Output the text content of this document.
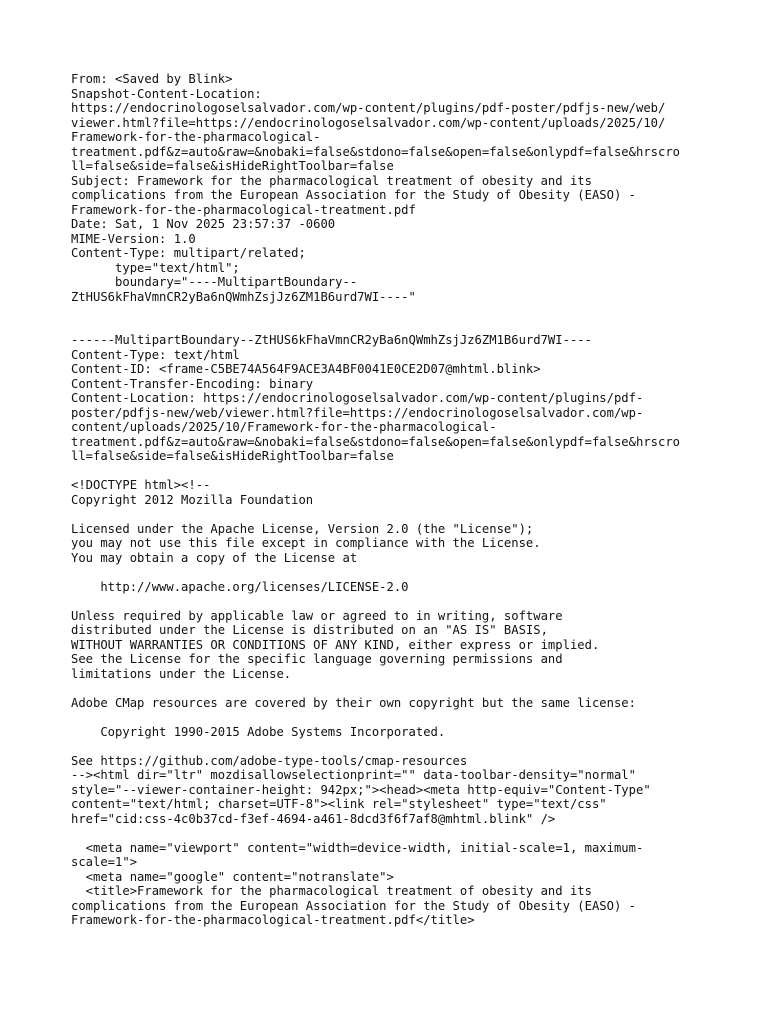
From: <Saved by Blink>
Snapshot-Content-Location:
https://endocrinologoselsalvador.com/wp-content/plugins/pdf-poster/pdfjs-new/web/
viewer.html?file=https://endocrinologoselsalvador.com/wp-content/uploads/2025/10/
Framework-for-the-pharmacological-
treatment.pdf&z=auto&raw=&nobaki=false&stdono=false&open=false&onlypdf=false&hrscro
ll=false&side=false&isHideRightToolbar=false
Subject: Framework for the pharmacological treatment of obesity and its
complications from the European Association for the Study of Obesity (EASO) -
Framework-for-the-pharmacological-treatment.pdf
Date: Sat, 1 Nov 2025 23:57:37 -0600
MIME-Version: 1.0
Content-Type: multipart/related;
type="text/html";
boundary="----MultipartBoundary--
ZtHUS6kFhaVmnCR2yBa6nQWmhZsjJz6ZM1B6urd7WI----"
------MultipartBoundary--ZtHUS6kFhaVmnCR2yBa6nQWmhZsjJz6ZM1B6urd7WI----
Content-Type: text/html
Content-ID: <frame-C5BE74A564F9ACE3A4BF0041E0CE2D07@mhtml.blink>
Content-Transfer-Encoding: binary
Content-Location: https://endocrinologoselsalvador.com/wp-content/plugins/pdf-
poster/pdfjs-new/web/viewer.html?file=https://endocrinologoselsalvador.com/wp-
content/uploads/2025/10/Framework-for-the-pharmacological-
treatment.pdf&z=auto&raw=&nobaki=false&stdono=false&open=false&onlypdf=false&hrscro
ll=false&side=false&isHideRightToolbar=false
<!DOCTYPE html><!--
Copyright 2012 Mozilla Foundation
Licensed under the Apache License, Version 2.0 (the "License");
you may not use this file except in compliance with the License.
You may obtain a copy of the License at
http://www.apache.org/licenses/LICENSE-2.0
Unless required by applicable law or agreed to in writing, software
distributed under the License is distributed on an "AS IS" BASIS,
WITHOUT WARRANTIES OR CONDITIONS OF ANY KIND, either express or implied.
See the License for the specific language governing permissions and
limitations under the License.
Adobe CMap resources are covered by their own copyright but the same license:
Copyright 1990-2015 Adobe Systems Incorporated.
See https://github.com/adobe-type-tools/cmap-resources
--><html dir="ltr" mozdisallowselectionprint="" data-toolbar-density="normal"
style="--viewer-container-height: 942px;"><head><meta http-equiv="Content-Type"
content="text/html; charset=UTF-8"><link rel="stylesheet" type="text/css"
href="cid:css-4c0b37cd-f3ef-4694-a461-8dcd3f6f7af8@mhtml.blink" />
<meta name="viewport" content="width=device-width, initial-scale=1, maximum-
scale=1">
<meta name="google" content="notranslate">
<title>Framework for the pharmacological treatment of obesity and its
complications from the European Association for the Study of Obesity (EASO) -
Framework-for-the-pharmacological-treatment.pdf</title>
